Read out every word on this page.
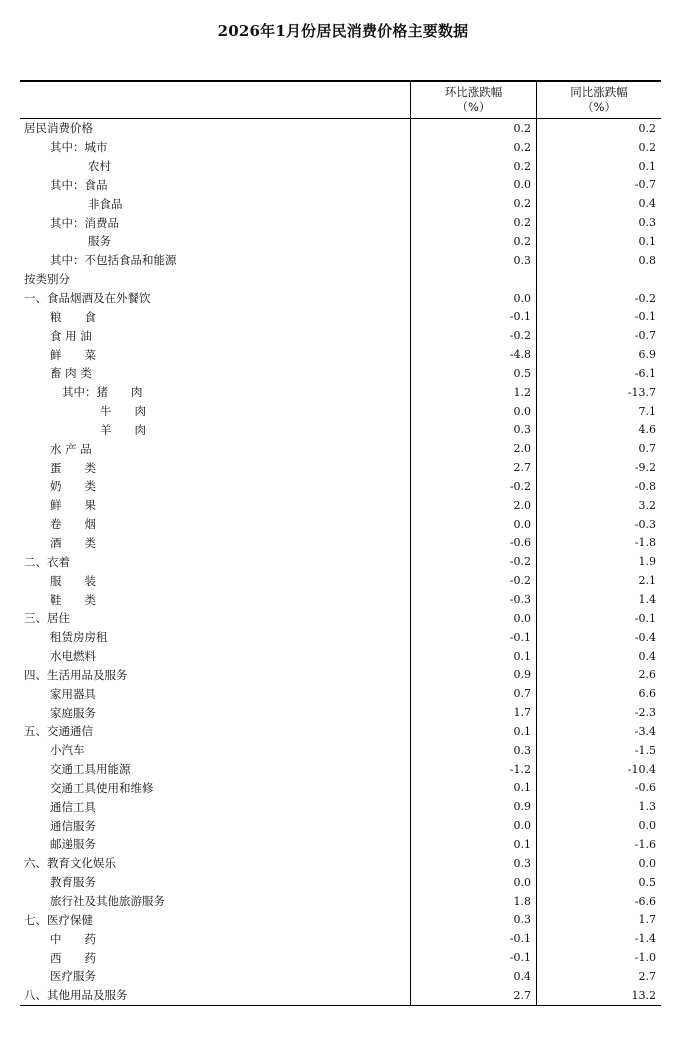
2026年1月份居民消费价格主要数据
环比涨跌幅
（%）
同比涨跌幅
（%）
居民消费价格	0.2	0.2
其中：城市	0.2	0.2
农村	0.2	0.1
其中：食品	0.0	-0.7
非食品	0.2	0.4
其中：消费品	0.2	0.3
服务	0.2	0.1
其中：不包括食品和能源	0.3	0.8
按类别分
一、食品烟酒及在外餐饮	0.0	-0.2
粮　　食	-0.1	-0.1
食 用 油	-0.2	-0.7
鲜　　菜	-4.8	6.9
畜 肉 类	0.5	-6.1
其中：猪　　肉	1.2	-13.7
牛　　肉	0.0	7.1
羊　　肉	0.3	4.6
水 产 品	2.0	0.7
蛋　　类	2.7	-9.2
奶　　类	-0.2	-0.8
鲜　　果	2.0	3.2
卷　　烟	0.0	-0.3
酒　　类	-0.6	-1.8
二、衣着	-0.2	1.9
服　　装	-0.2	2.1
鞋　　类	-0.3	1.4
三、居住	0.0	-0.1
租赁房房租	-0.1	-0.4
水电燃料	0.1	0.4
四、生活用品及服务	0.9	2.6
家用器具	0.7	6.6
家庭服务	1.7	-2.3
五、交通通信	0.1	-3.4
小汽车	0.3	-1.5
交通工具用能源	-1.2	-10.4
交通工具使用和维修	0.1	-0.6
通信工具	0.9	1.3
通信服务	0.0	0.0
邮递服务	0.1	-1.6
六、教育文化娱乐	0.3	0.0
教育服务	0.0	0.5
旅行社及其他旅游服务	1.8	-6.6
七、医疗保健	0.3	1.7
中　　药	-0.1	-1.4
西　　药	-0.1	-1.0
医疗服务	0.4	2.7
八、其他用品及服务	2.7	13.2
